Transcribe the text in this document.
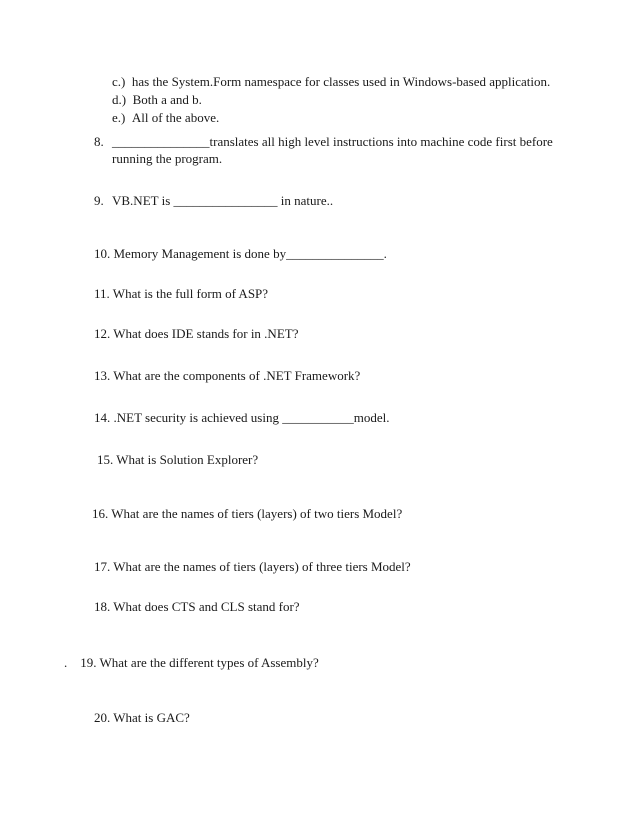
c.) has the System.Form namespace for classes used in Windows-based application.
d.) Both a and b.
e.) All of the above.
8. _______________translates all high level instructions into machine code first before
running the program.
9. VB.NET is ________________ in nature..
10. Memory Management is done by_______________.
11. What is the full form of ASP?
12. What does IDE stands for in .NET?
13. What are the components of .NET Framework?
14. .NET security is achieved using ___________model.
15. What is Solution Explorer?
16. What are the names of tiers (layers) of two tiers Model?
17. What are the names of tiers (layers) of three tiers Model?
18. What does CTS and CLS stand for?
. 19. What are the different types of Assembly?
20. What is GAC?
